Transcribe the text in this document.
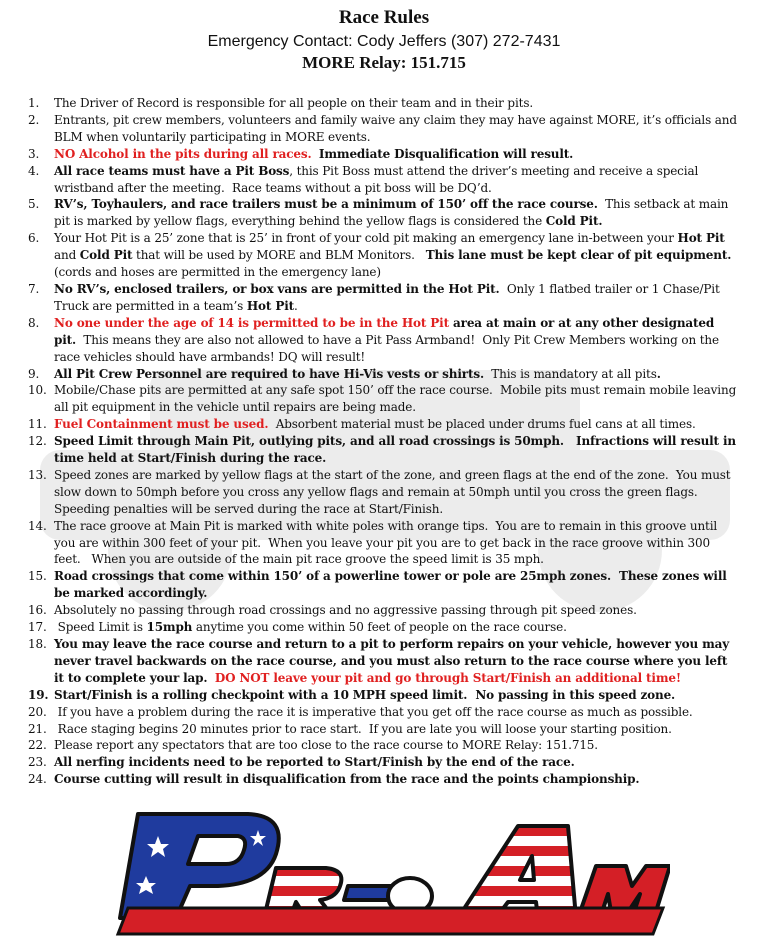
Race Rules
Emergency Contact: Cody Jeffers (307) 272-7431
MORE Relay: 151.715
1.	The Driver of Record is responsible for all people on their team and in their pits.
2.	Entrants, pit crew members, volunteers and family waive any claim they may have against MORE, it’s officials and BLM when voluntarily participating in MORE events.
3.	NO Alcohol in the pits during all races. Immediate Disqualification will result.
4.	All race teams must have a Pit Boss, this Pit Boss must attend the driver’s meeting and receive a special wristband after the meeting.  Race teams without a pit boss will be DQ’d.
5.	RV’s, Toyhaulers, and race trailers must be a minimum of 150’ off the race course.  This setback at main pit is marked by yellow flags, everything behind the yellow flags is considered the Cold Pit.
6.	Your Hot Pit is a 25’ zone that is 25’ in front of your cold pit making an emergency lane in-between your Hot Pit and Cold Pit that will be used by MORE and BLM Monitors.   This lane must be kept clear of pit equipment. (cords and hoses are permitted in the emergency lane)
7.	No RV’s, enclosed trailers, or box vans are permitted in the Hot Pit.  Only 1 flatbed trailer or 1 Chase/Pit Truck are permitted in a team’s Hot Pit.
8.	No one under the age of 14 is permitted to be in the Hot Pit area at main or at any other designated pit.  This means they are also not allowed to have a Pit Pass Armband!  Only Pit Crew Members working on the race vehicles should have armbands! DQ will result!
9.	All Pit Crew Personnel are required to have Hi-Vis vests or shirts.  This is mandatory at all pits.
10. Mobile/Chase pits are permitted at any safe spot 150’ off the race course.  Mobile pits must remain mobile leaving all pit equipment in the vehicle until repairs are being made.
11. Fuel Containment must be used.  Absorbent material must be placed under drums fuel cans at all times.
12. Speed Limit through Main Pit, outlying pits, and all road crossings is 50mph.   Infractions will result in time held at Start/Finish during the race.
13. Speed zones are marked by yellow flags at the start of the zone, and green flags at the end of the zone.  You must slow down to 50mph before you cross any yellow flags and remain at 50mph until you cross the green flags.  Speeding penalties will be served during the race at Start/Finish.
14. The race groove at Main Pit is marked with white poles with orange tips.  You are to remain in this groove until you are within 300 feet of your pit.  When you leave your pit you are to get back in the race groove within 300 feet.   When you are outside of the main pit race groove the speed limit is 35 mph.
15. Road crossings that come within 150’ of a powerline tower or pole are 25mph zones.  These zones will be marked accordingly.
16. Absolutely no passing through road crossings and no aggressive passing through pit speed zones.
17. Speed Limit is 15mph anytime you come within 50 feet of people on the race course.
18. You may leave the race course and return to a pit to perform repairs on your vehicle, however you may never travel backwards on the race course, and you must also return to the race course where you left it to complete your lap. DO NOT leave your pit and go through Start/Finish an additional time!
19. Start/Finish is a rolling checkpoint with a 10 MPH speed limit.  No passing in this speed zone.
20. If you have a problem during the race it is imperative that you get off the race course as much as possible.
21. Race staging begins 20 minutes prior to race start.  If you are late you will loose your starting position.
22. Please report any spectators that are too close to the race course to MORE Relay: 151.715.
23. All nerfing incidents need to be reported to Start/Finish by the end of the race.
24. Course cutting will result in disqualification from the race and the points championship.
